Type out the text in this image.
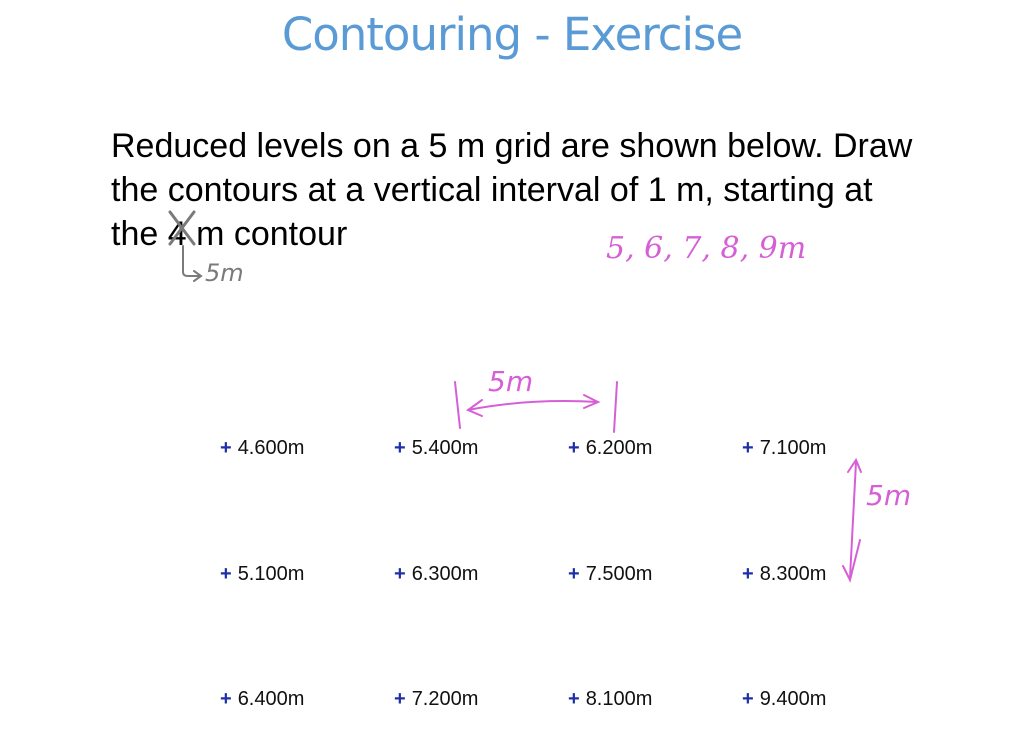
Contouring - Exercise
Reduced levels on a 5 m grid are shown below. Draw
the contours at a vertical interval of 1 m, starting at
the 4 m contour
+ 4.600m	+ 5.400m	+ 6.200m	+ 7.100m
+ 5.100m	+ 6.300m	+ 7.500m	+ 8.300m
+ 6.400m	+ 7.200m	+ 8.100m	+ 9.400m
5m
5, 6, 7, 8, 9m
5m
5m
